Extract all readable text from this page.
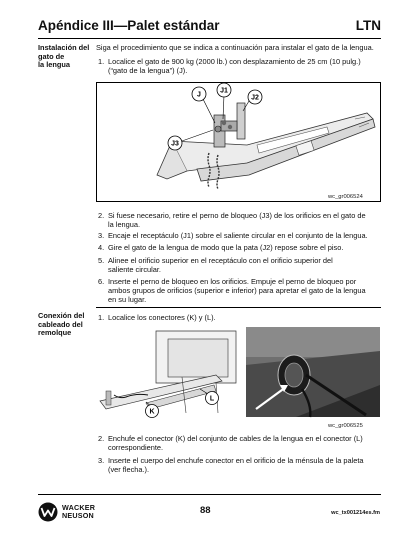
Apéndice III—Palet estándar	LTN
Instalación del
gato de
la lengua
Siga el procedimiento que se indica a continuación para instalar el gato de la lengua.
1. Localice el gato de 900 kg (2000 lb.) con desplazamiento de 25 cm (10 pulg.)
(“gato de la lengua”) (J).
J
J1
J2
J3
wc_gr006524
2. Si fuese necesario, retire el perno de bloqueo (J3) de los orificios en el gato de
la lengua.
3. Encaje el receptáculo (J1) sobre el saliente circular en el conjunto de la lengua.
4. Gire el gato de la lengua de modo que la pata (J2) repose sobre el piso.
5. Alinee el orificio superior en el receptáculo con el orificio superior del
saliente circular.
6. Inserte el perno de bloqueo en los orificios. Empuje el perno de bloqueo por
ambos grupos de orificios (superior e inferior) para apretar el gato de la lengua
en su lugar.
Conexión del
cableado del
remolque
1. Localice los conectores (K) y (L).
K
L
wc_gr006525
2. Enchufe el conector (K) del conjunto de cables de la lengua en el conector (L)
correspondiente.
3. Inserte el cuerpo del enchufe conector en el orificio de la ménsula de la paleta
(ver flecha.).
WACKER
NEUSON	88	wc_tx001214es.fm
